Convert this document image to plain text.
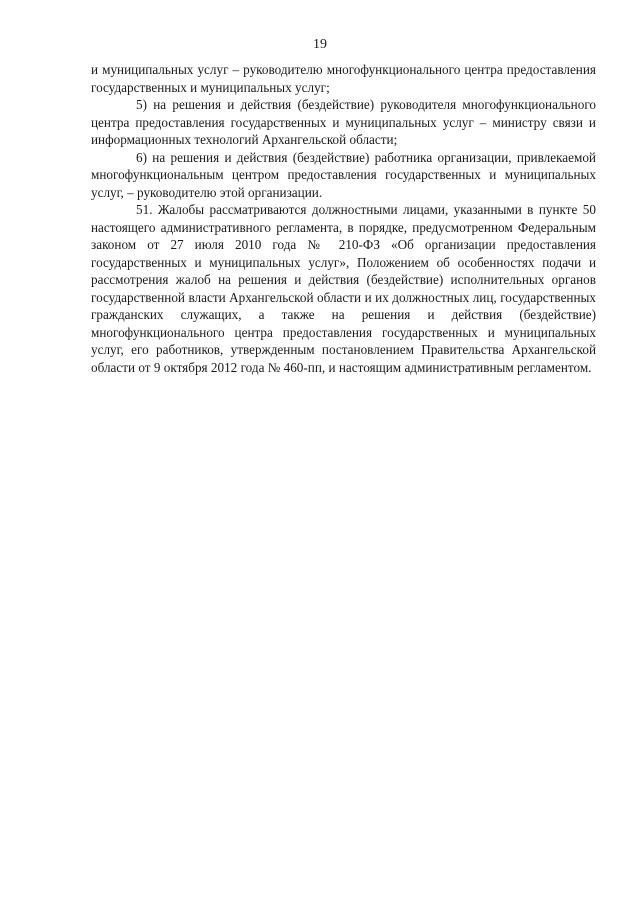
19

и муниципальных услуг – руководителю многофункционального центра предоставления государственных и муниципальных услуг;

5) на решения и действия (бездействие) руководителя многофункционального центра предоставления государственных и муниципальных услуг – министру связи и информационных технологий Архангельской области;

6) на решения и действия (бездействие) работника организации, привлекаемой многофункциональным центром предоставления государственных и муниципальных услуг, – руководителю этой организации.

51. Жалобы рассматриваются должностными лицами, указанными в пункте 50 настоящего административного регламента, в порядке, предусмотренном Федеральным законом от 27 июля 2010 года № 210-ФЗ «Об организации предоставления государственных и муниципальных услуг», Положением об особенностях подачи и рассмотрения жалоб на решения и действия (бездействие) исполнительных органов государственной власти Архангельской области и их должностных лиц, государственных гражданских служащих, а также на решения и действия (бездействие) многофункционального центра предоставления государственных и муниципальных услуг, его работников, утвержденным постановлением Правительства Архангельской области от 9 октября 2012 года № 460-пп, и настоящим административным регламентом.
